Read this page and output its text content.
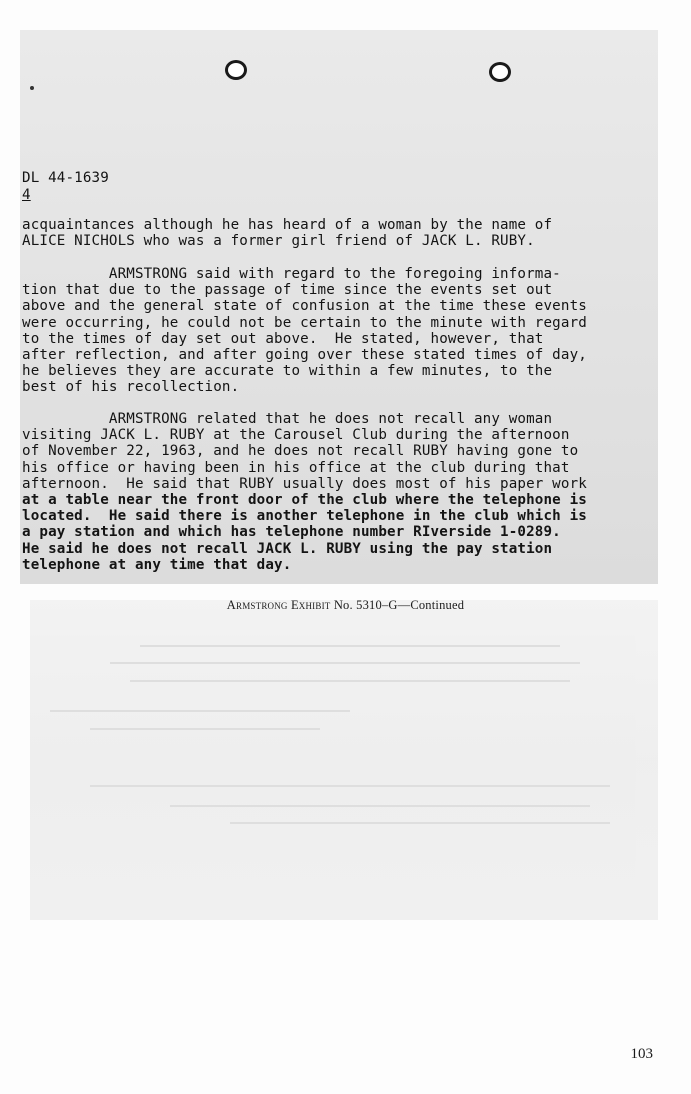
DL 44-1639
4
acquaintances although he has heard of a woman by the name of
ALICE NICHOLS who was a former girl friend of JACK L. RUBY.
ARMSTRONG said with regard to the foregoing informa-
tion that due to the passage of time since the events set out
above and the general state of confusion at the time these events
were occurring, he could not be certain to the minute with regard
to the times of day set out above.  He stated, however, that
after reflection, and after going over these stated times of day,
he believes they are accurate to within a few minutes, to the
best of his recollection.
ARMSTRONG related that he does not recall any woman
visiting JACK L. RUBY at the Carousel Club during the afternoon
of November 22, 1963, and he does not recall RUBY having gone to
his office or having been in his office at the club during that
afternoon.  He said that RUBY usually does most of his paper work
at a table near the front door of the club where the telephone is
located.  He said there is another telephone in the club which is
a pay station and which has telephone number RIverside 1-0289.
He said he does not recall JACK L. RUBY using the pay station
telephone at any time that day.
Armstrong Exhibit No. 5310–G—Continued
103
